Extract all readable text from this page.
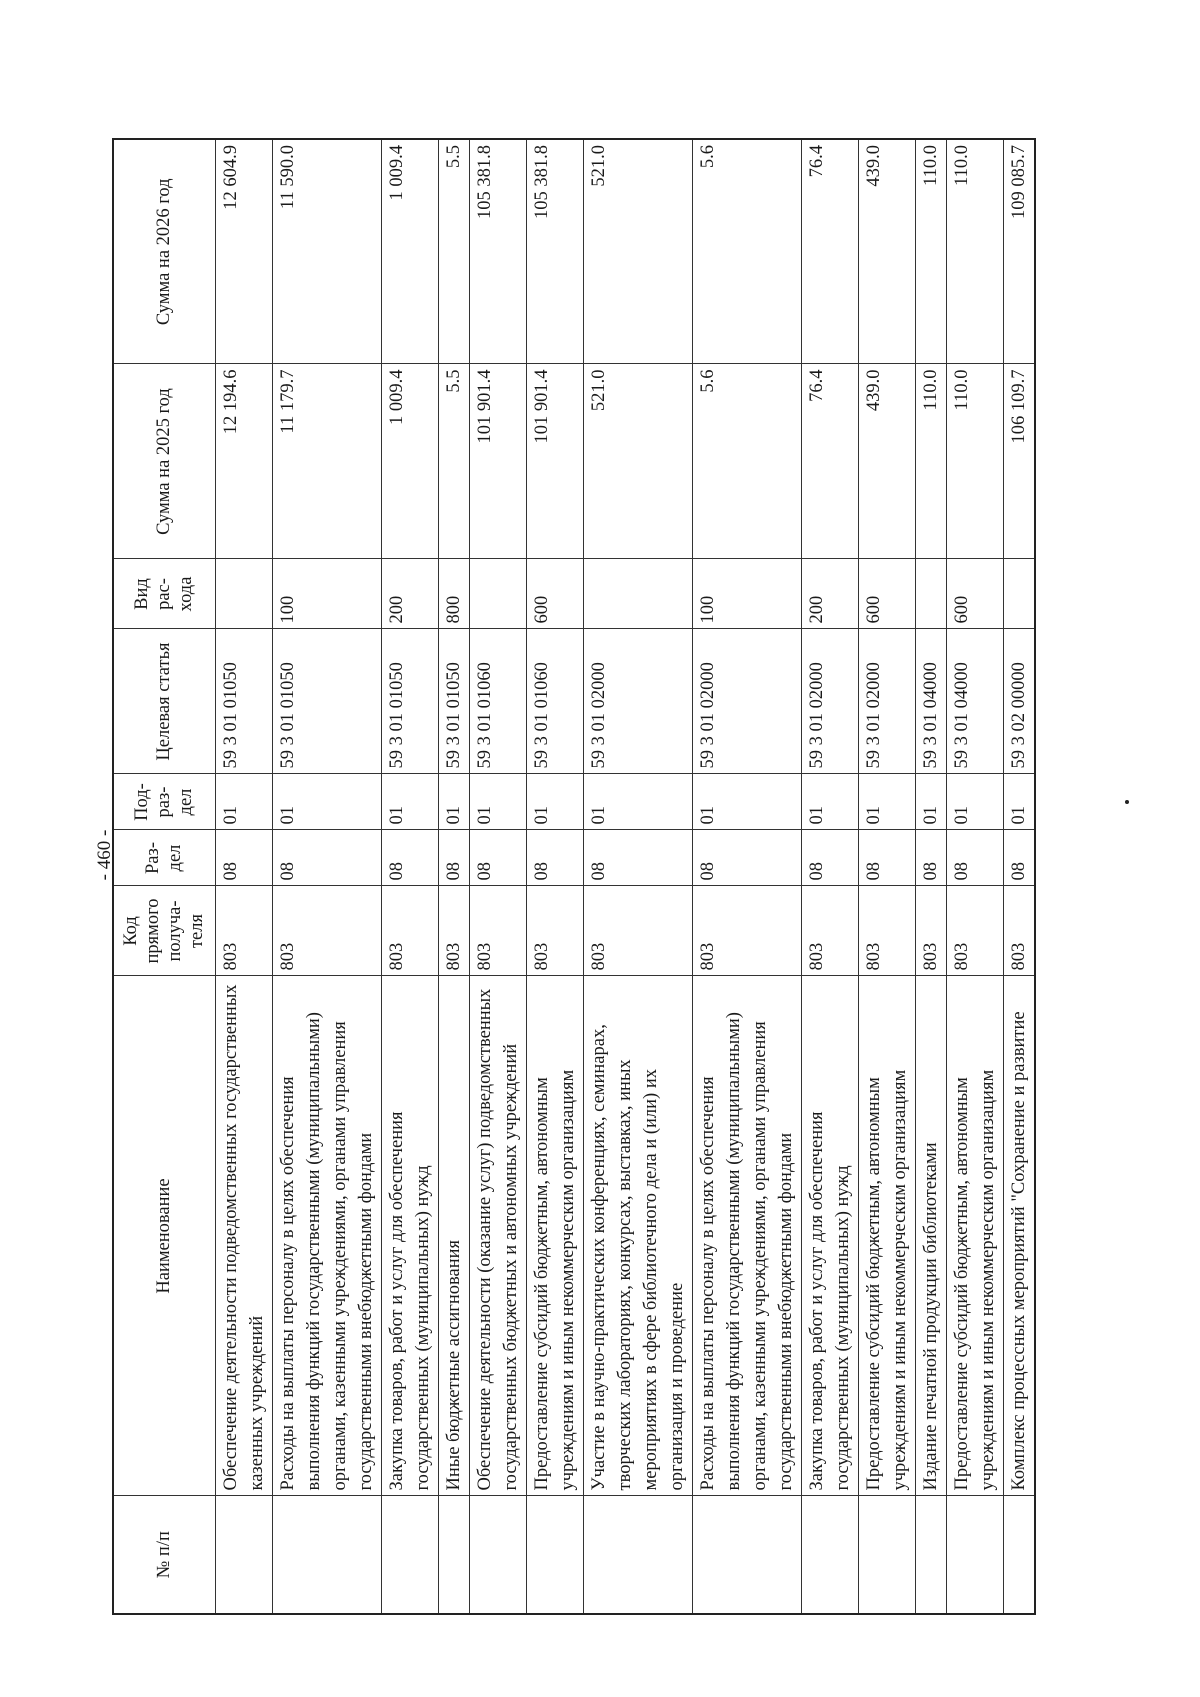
- 460 -
№ п/п	Наименование	Код прямого получа-теля	Раз-дел	Под-раз-дел	Целевая статья	Вид рас-хода	Сумма на 2025 год	Сумма на 2026 год
	Обеспечение деятельности подведомственных государственных казенных учреждений	803	08	01	59 3 01 01050		12 194.6	12 604.9
	Расходы на выплаты персоналу в целях обеспечения выполнения функций государственными (муниципальными) органами, казенными учреждениями, органами управления государственными внебюджетными фондами	803	08	01	59 3 01 01050	100	11 179.7	11 590.0
	Закупка товаров, работ и услуг для обеспечения государственных (муниципальных) нужд	803	08	01	59 3 01 01050	200	1 009.4	1 009.4
	Иные бюджетные ассигнования	803	08	01	59 3 01 01050	800	5.5	5.5
	Обеспечение деятельности (оказание услуг) подведомственных государственных бюджетных и автономных учреждений	803	08	01	59 3 01 01060		101 901.4	105 381.8
	Предоставление субсидий бюджетным, автономным учреждениям и иным некоммерческим организациям	803	08	01	59 3 01 01060	600	101 901.4	105 381.8
	Участие в научно-практических конференциях, семинарах, творческих лабораториях, конкурсах, выставках, иных мероприятиях в сфере библиотечного дела и (или) их организация и проведение	803	08	01	59 3 01 02000		521.0	521.0
	Расходы на выплаты персоналу в целях обеспечения выполнения функций государственными (муниципальными) органами, казенными учреждениями, органами управления государственными внебюджетными фондами	803	08	01	59 3 01 02000	100	5.6	5.6
	Закупка товаров, работ и услуг для обеспечения государственных (муниципальных) нужд	803	08	01	59 3 01 02000	200	76.4	76.4
	Предоставление субсидий бюджетным, автономным учреждениям и иным некоммерческим организациям	803	08	01	59 3 01 02000	600	439.0	439.0
	Издание печатной продукции библиотеками	803	08	01	59 3 01 04000		110.0	110.0
	Предоставление субсидий бюджетным, автономным учреждениям и иным некоммерческим организациям	803	08	01	59 3 01 04000	600	110.0	110.0
	Комплекс процессных мероприятий "Сохранение и развитие	803	08	01	59 3 02 00000		106 109.7	109 085.7
